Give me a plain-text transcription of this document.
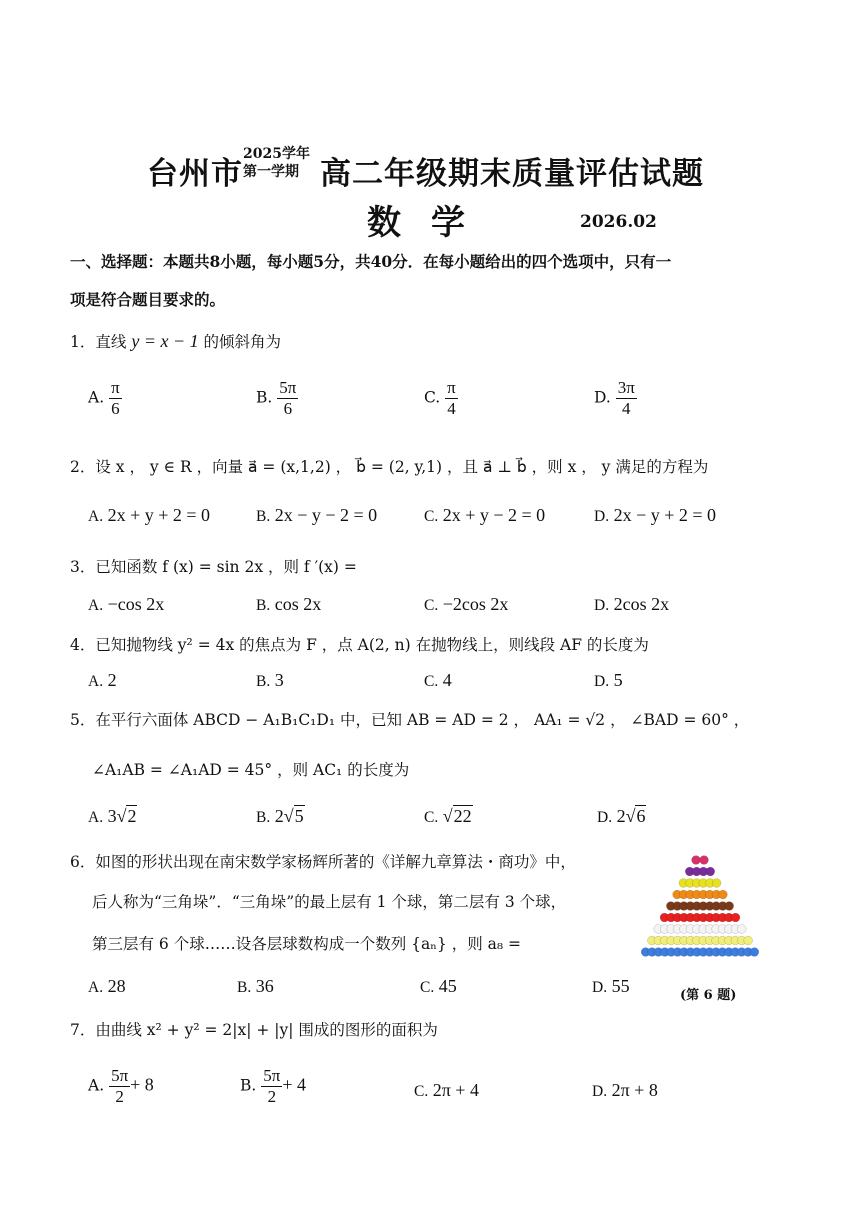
台州市
2025学年
第一学期 高二年级期末质量评估试题
数学	2026.02
一、选择题：本题共8小题，每小题5分，共40分．在每小题给出的四个选项中，只有一
项是符合题目要求的。
1．直线 y = x − 1 的倾斜角为
A. $\frac{\pi}{6}$	B. $\frac{5\pi}{6}$	C. $\frac{\pi}{4}$	D. $\frac{3\pi}{4}$
2．设 x ， y ∈ R ，向量 a⃗ = (x,1,2) ， b⃗ = (2, y,1) ，且 a⃗ ⊥ b⃗ ，则 x ， y 满足的方程为
A. 2x + y + 2 = 0	B. 2x − y − 2 = 0	C. 2x + y − 2 = 0	D. 2x − y + 2 = 0
3．已知函数 f (x) = sin 2x ，则 f ′(x) =
A. −cos 2x	B. cos 2x	C. −2cos 2x	D. 2cos 2x
4．已知抛物线 y² = 4x 的焦点为 F ，点 A(2, n) 在抛物线上，则线段 AF 的长度为
A. 2	B. 3	C. 4	D. 5
5．在平行六面体 ABCD − A₁B₁C₁D₁ 中，已知 AB = AD = 2 ， AA₁ = √2 ， ∠BAD = 60° ，
∠A₁AB = ∠A₁AD = 45° ，则 AC₁ 的长度为
A. 3√2	B. 2√5	C. √22	D. 2√6
6．如图的形状出现在南宋数学家杨辉所著的《详解九章算法・商功》中，
后人称为“三角垛”．“三角垛”的最上层有 1 个球，第二层有 3 个球，
第三层有 6 个球……设各层球数构成一个数列 {aₙ} ，则 a₈ =
(第 6 题)
A. 28	B. 36	C. 45	D. 55
7．由曲线 x² + y² = 2|x| + |y| 围成的图形的面积为
A. $\frac{5\pi}{2} + 8$	B. $\frac{5\pi}{2} + 4$	C. 2π + 4	D. 2π + 8
